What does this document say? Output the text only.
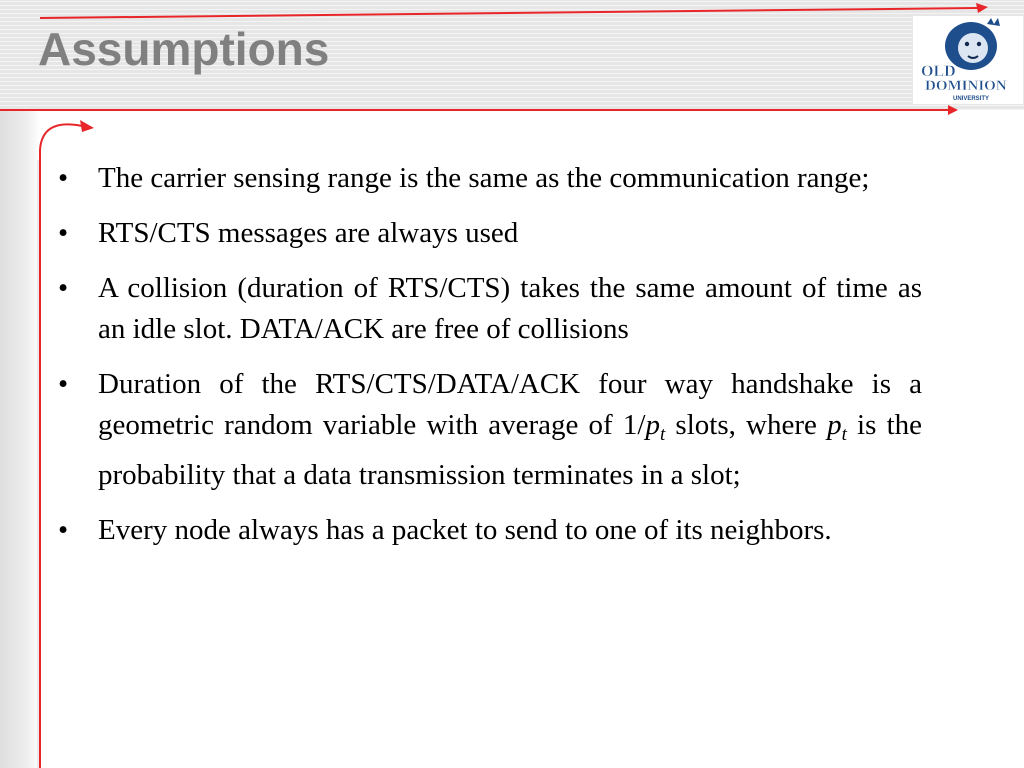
Assumptions	OLD
DOMINION
UNIVERSITY
• The carrier sensing range is the same as the communication range;
• RTS/CTS messages are always used
• A collision (duration of RTS/CTS) takes the same amount of time as an idle slot. DATA/ACK are free of collisions
• Duration of the RTS/CTS/DATA/ACK four way handshake is a geometric random variable with average of $1/p_t$ slots, where $p_t$ is the probability that a data transmission terminates in a slot;
• Every node always has a packet to send to one of its neighbors.
